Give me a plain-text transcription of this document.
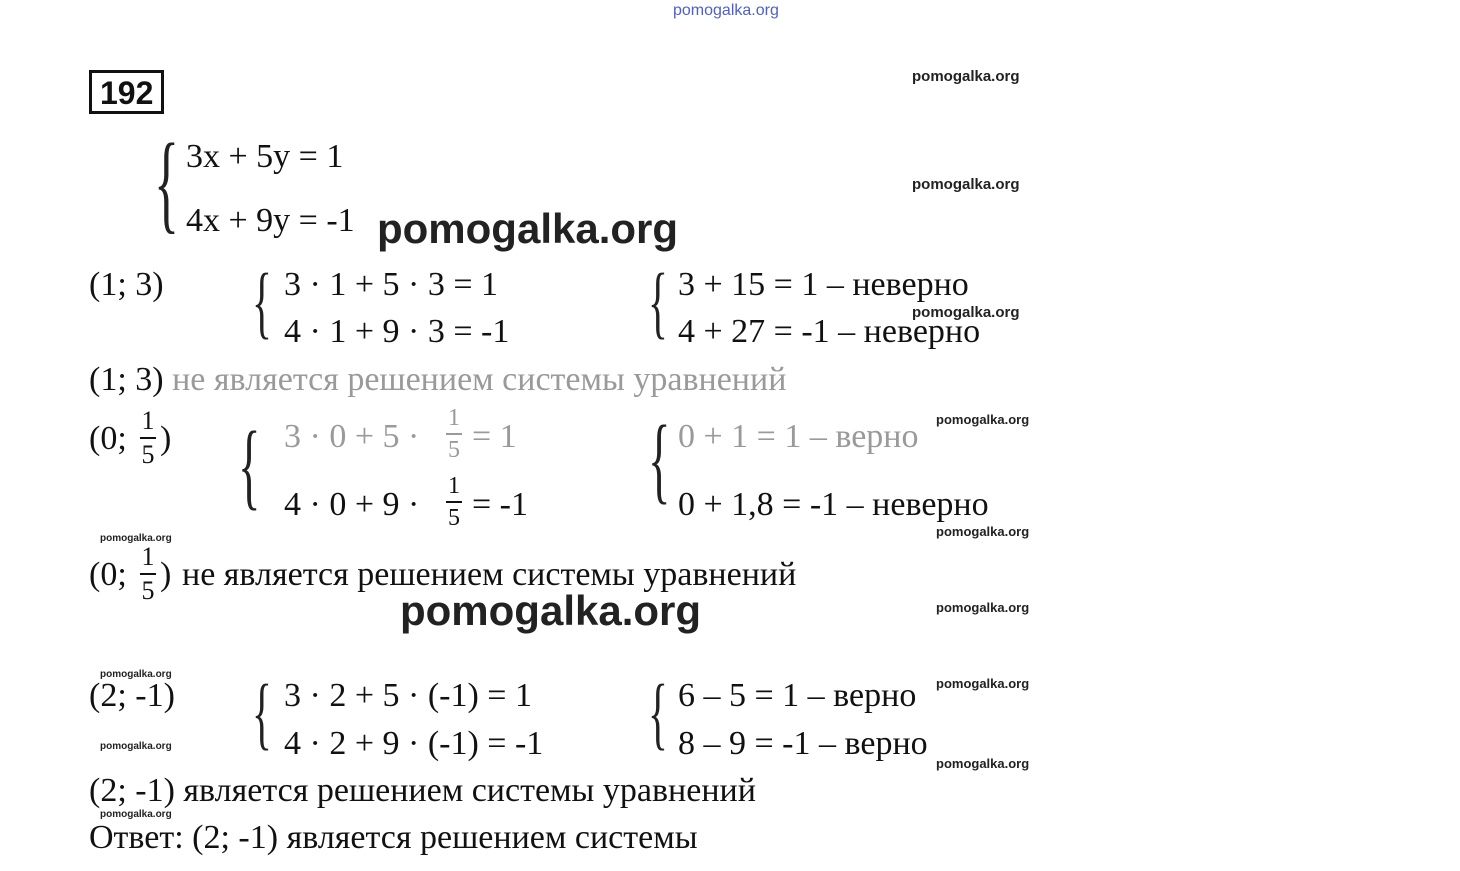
pomogalka.org
pomogalka.org
pomogalka.org
pomogalka.org
pomogalka.org
pomogalka.org
pomogalka.org
pomogalka.org
pomogalka.org
pomogalka.org
pomogalka.org
pomogalka.org
pomogalka.org
pomogalka.org
pomogalka.org
192
{ 3x + 5y = 1
4x + 9y = -1
(1; 3) { 3 · 1 + 5 · 3 = 1
4 · 1 + 9 · 3 = -1	{ 3 + 15 = 1 – неверно
4 + 27 = -1 – неверно
(1; 3) не является решением системы уравнений
(0; 1
5 ) { 3 · 0 + 5 · 1
5 = 1
4 · 0 + 9 · 1
5 = -1 { 0 + 1 = 1 – верно
0 + 1,8 = -1 – неверно
(0; 1
5 ) не является решением системы уравнений
(2; -1) { 3 · 2 + 5 · (-1) = 1
4 · 2 + 9 · (-1) = -1 { 6 – 5 = 1 – верно
8 – 9 = -1 – верно
(2; -1) является решением системы уравнений
Ответ: (2; -1) является решением системы
